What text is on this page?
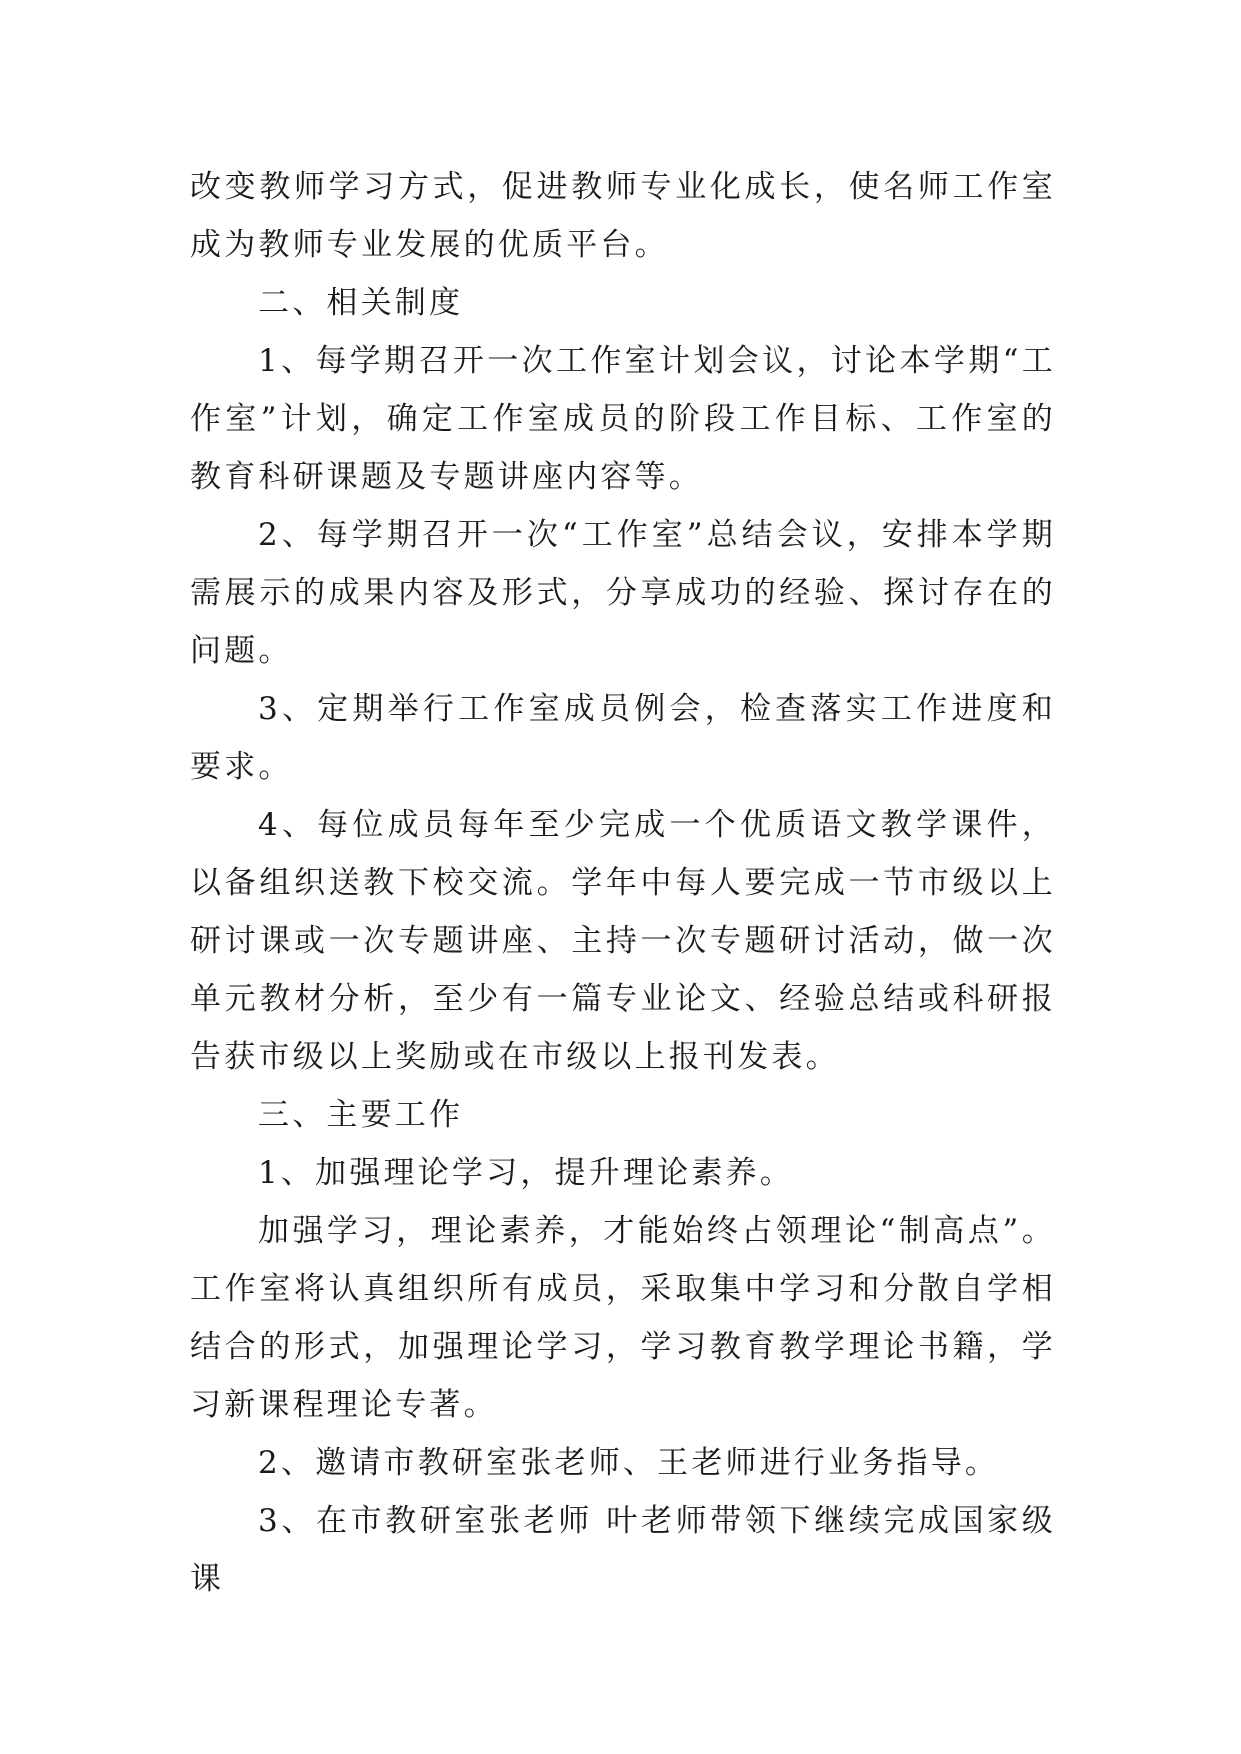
改变教师学习方式，促进教师专业化成长，使名师工作室成为教师专业发展的优质平台。

二、相关制度

1、每学期召开一次工作室计划会议，讨论本学期“工作室”计划，确定工作室成员的阶段工作目标、工作室的教育科研课题及专题讲座内容等。

2、每学期召开一次“工作室”总结会议，安排本学期需展示的成果内容及形式，分享成功的经验、探讨存在的问题。

3、定期举行工作室成员例会，检查落实工作进度和要求。

4、每位成员每年至少完成一个优质语文教学课件，以备组织送教下校交流。学年中每人要完成一节市级以上研讨课或一次专题讲座、主持一次专题研讨活动，做一次单元教材分析，至少有一篇专业论文、经验总结或科研报告获市级以上奖励或在市级以上报刊发表。

三、主要工作

1、加强理论学习，提升理论素养。

加强学习，理论素养，才能始终占领理论“制高点”。工作室将认真组织所有成员，采取集中学习和分散自学相结合的形式，加强理论学习，学习教育教学理论书籍，学习新课程理论专著。

2、邀请市教研室张老师、王老师进行业务指导。

3、在市教研室张老师 叶老师带领下继续完成国家级课
